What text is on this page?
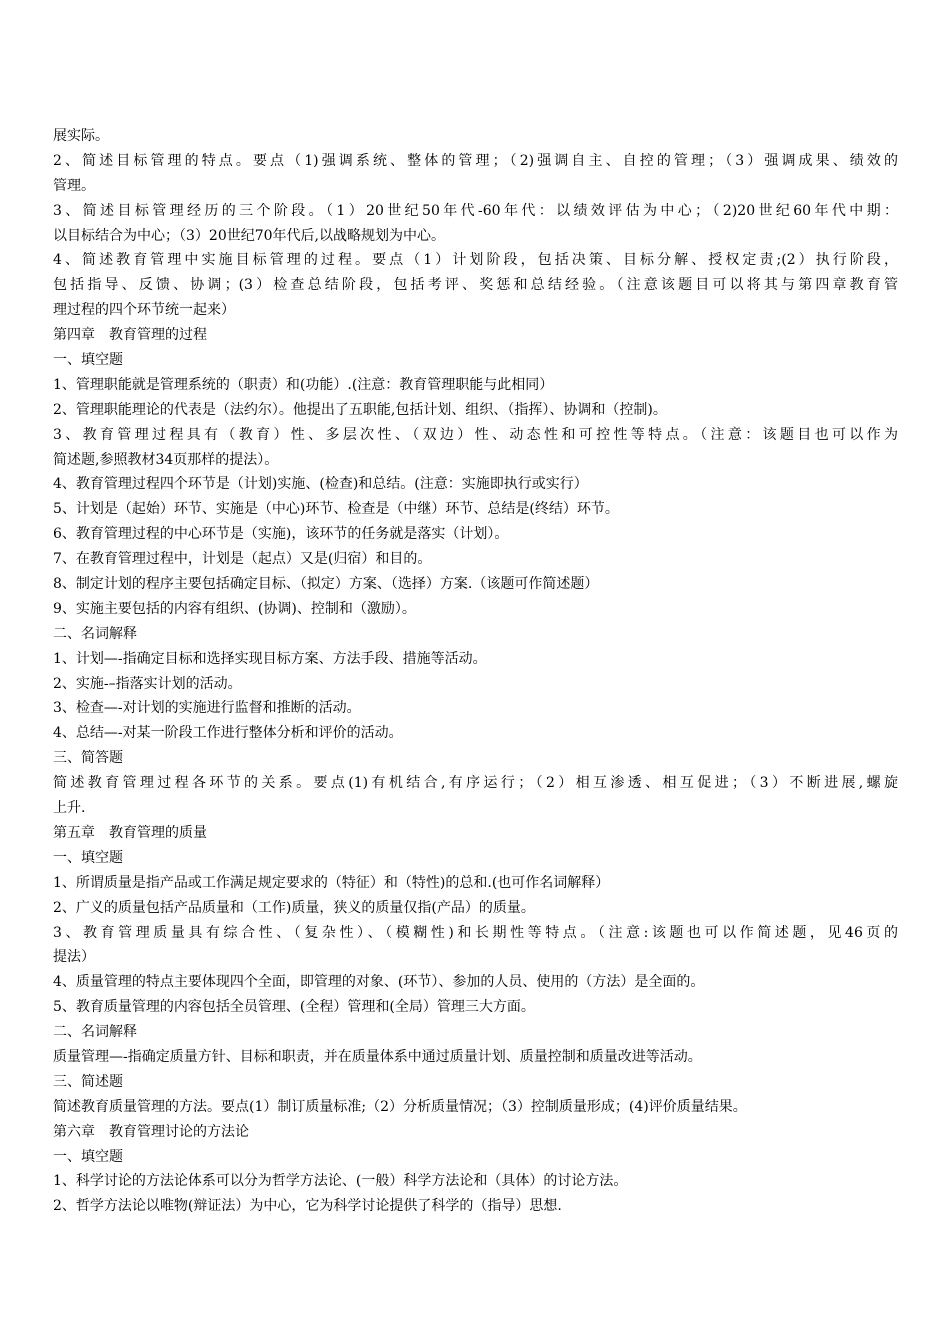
展实际。
2、简述目标管理的特点。要点（1)强调系统、整体的管理；（2)强调自主、自控的管理；（3）强调成果、绩效的
管理。
3、简述目标管理经历的三个阶段。（1）20世纪50年代-60年代：以绩效评估为中心；（2)20世纪60年代中期：
以目标结合为中心；（3）20世纪70年代后,以战略规划为中心。
4、简述教育管理中实施目标管理的过程。要点（1）计划阶段，包括决策、目标分解、授权定责;(2）执行阶段，
包括指导、反馈、协调；(3）检查总结阶段，包括考评、奖惩和总结经验。（注意该题目可以将其与第四章教育管
理过程的四个环节统一起来）
第四章　教育管理的过程
一、填空题
1、管理职能就是管理系统的（职责）和(功能）.(注意：教育管理职能与此相同）
2、管理职能理论的代表是（法约尔）。他提出了五职能,包括计划、组织、（指挥）、协调和（控制)。
3、教育管理过程具有（教育）性、多层次性、（双边）性、动态性和可控性等特点。（注意：该题目也可以作为
简述题,参照教材34页那样的提法）。
4、教育管理过程四个环节是（计划)实施、(检查)和总结。(注意：实施即执行或实行）
5、计划是（起始）环节、实施是（中心)环节、检查是（中继）环节、总结是(终结）环节。
6、教育管理过程的中心环节是（实施)，该环节的任务就是落实（计划）。
7、在教育管理过程中，计划是（起点）又是(归宿）和目的。
8、制定计划的程序主要包括确定目标、（拟定）方案、（选择）方案.（该题可作简述题）
9、实施主要包括的内容有组织、(协调)、控制和（激励）。
二、名词解释
1、计划—-指确定目标和选择实现目标方案、方法手段、措施等活动。
2、实施-–指落实计划的活动。
3、检查—-对计划的实施进行监督和推断的活动。
4、总结—-对某一阶段工作进行整体分析和评价的活动。
三、简答题
简述教育管理过程各环节的关系。要点(1)有机结合,有序运行；（2）相互渗透、相互促进；（3）不断进展,螺旋
上升.
第五章　教育管理的质量
一、填空题
1、所谓质量是指产品或工作满足规定要求的（特征）和（特性)的总和.(也可作名词解释）
2、广义的质量包括产品质量和（工作)质量，狭义的质量仅指(产品）的质量。
3、教育管理质量具有综合性、（复杂性）、（模糊性)和长期性等特点。（注意:该题也可以作简述题，见46页的
提法）
4、质量管理的特点主要体现四个全面，即管理的对象、(环节）、参加的人员、使用的（方法）是全面的。
5、教育质量管理的内容包括全员管理、(全程）管理和(全局）管理三大方面。
二、名词解释
质量管理—-指确定质量方针、目标和职责，并在质量体系中通过质量计划、质量控制和质量改进等活动。
三、简述题
简述教育质量管理的方法。要点(1）制订质量标准;（2）分析质量情况；（3）控制质量形成；(4)评价质量结果。
第六章　教育管理讨论的方法论
一、填空题
1、科学讨论的方法论体系可以分为哲学方法论、(一般）科学方法论和（具体）的讨论方法。
2、哲学方法论以唯物(辩证法）为中心，它为科学讨论提供了科学的（指导）思想.
